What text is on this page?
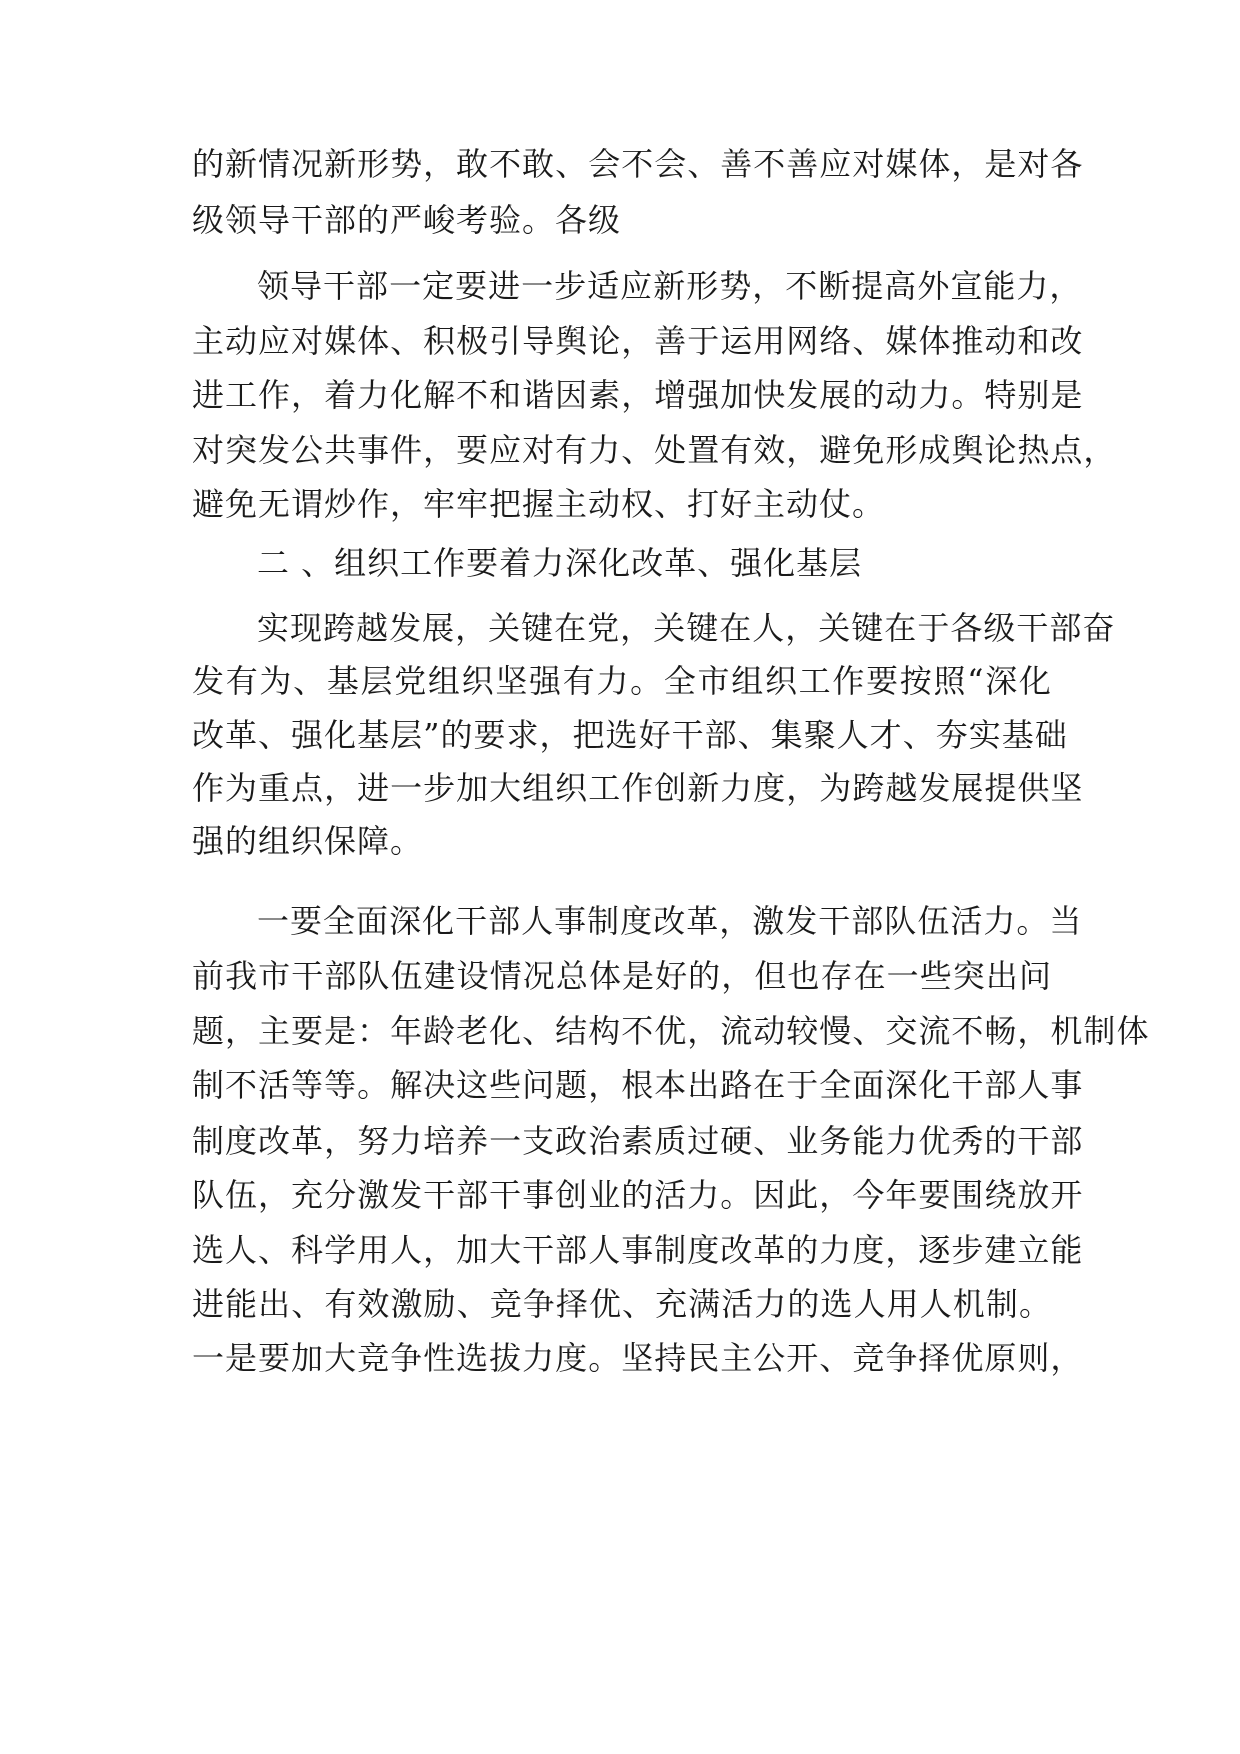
的 新 情 况 新 形 势 ， 敢 不 敢 、 会 不 会 、 善 不 善 应 对 媒 体 ， 是 对 各
级领导干部的严峻考验。各级
领 导 干 部 一 定 要 进 一 步 适 应 新 形 势 ， 不 断 提 高 外 宣 能 力 ，
主 动 应 对 媒 体 、 积 极 引 导 舆 论 ， 善 于 运 用 网 络 、 媒 体 推 动 和 改
进 工 作 ， 着 力 化 解 不 和 谐 因 素 ， 增 强 加 快 发 展 的 动 力 。 特 别 是
对 突 发 公 共 事 件 ， 要 应 对 有 力 、 处 置 有 效 ， 避 免 形 成 舆 论 热 点 ，
避免无谓炒作，牢牢把握主动权、打好主动仗。
二 、组织工作要着力深化改革、强化基层
实 现 跨 越 发 展 ， 关 键 在 党 ， 关 键 在 人 ， 关 键 在 于 各 级 干 部 奋
发 有 为 、 基 层 党 组 织 坚 强 有 力 。 全 市 组 织 工 作 要 按 照 “ 深 化
改 革 、 强 化 基 层 ” 的 要 求 ， 把 选 好 干 部 、 集 聚 人 才 、 夯 实 基 础
作 为 重 点 ， 进 一 步 加 大 组 织 工 作 创 新 力 度 ， 为 跨 越 发 展 提 供 坚
强的组织保障。
一 要 全 面 深 化 干 部 人 事 制 度 改 革 ， 激 发 干 部 队 伍 活 力 。 当
前 我 市 干 部 队 伍 建 设 情 况 总 体 是 好 的 ， 但 也 存 在 一 些 突 出 问
题 ， 主 要 是 ： 年 龄 老 化 、 结 构 不 优 ， 流 动 较 慢 、 交 流 不 畅 ， 机 制 体
制 不 活 等 等 。 解 决 这 些 问 题 ， 根 本 出 路 在 于 全 面 深 化 干 部 人 事
制 度 改 革 ， 努 力 培 养 一 支 政 治 素 质 过 硬 、 业 务 能 力 优 秀 的 干 部
队 伍 ， 充 分 激 发 干 部 干 事 创 业 的 活 力 。 因 此 ， 今 年 要 围 绕 放 开
选 人 、 科 学 用 人 ， 加 大 干 部 人 事 制 度 改 革 的 力 度 ， 逐 步 建 立 能
进 能 出 、 有 效 激 励 、 竞 争 择 优 、 充 满 活 力 的 选 人 用 人 机 制 。
一 是 要 加 大 竞 争 性 选 拔 力 度 。 坚 持 民 主 公 开 、 竞 争 择 优 原 则 ，
